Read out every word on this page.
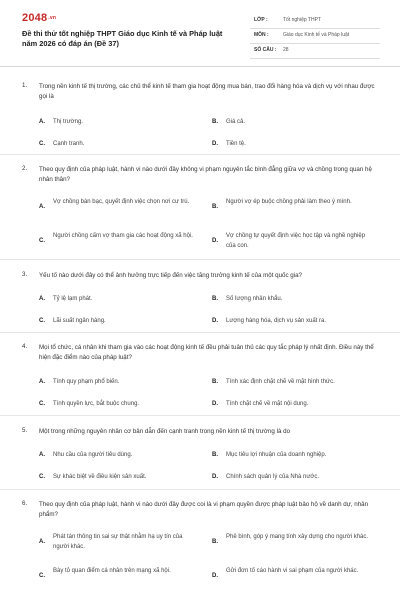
2048.vn
Đề thi thử tốt nghiệp THPT Giáo dục Kinh tế và Pháp luật năm 2026 có đáp án (Đề 37)
LỚP :	Tốt nghiệp THPT
MÔN :	Giáo dục Kinh tế và Pháp luật
SỐ CÂU : 28
1. Trong nền kinh tế thị trường, các chủ thể kinh tế tham gia hoạt động mua bán, trao đổi hàng hóa và dịch vụ với nhau được gọi là
A. Thị trường.	B. Giá cả.
C. Cạnh tranh.	D. Tiền tệ.
2. Theo quy định của pháp luật, hành vi nào dưới đây không vi phạm nguyên tắc bình đẳng giữa vợ và chồng trong quan hệ nhân thân?
A.
Vợ chồng bàn bạc, quyết định việc chọn nơi cư trú.
B.
Người vợ ép buộc chồng phải làm theo ý mình.
C.
Người chồng cấm vợ tham gia các hoạt động xã hội.
D.
Vợ chồng tự quyết định việc học tập và nghề nghiệp của con.
3. Yếu tố nào dưới đây có thể ảnh hưởng trực tiếp đến việc tăng trưởng kinh tế của một quốc gia?
A. Tỷ lệ lạm phát.	B. Số lượng nhân khẩu.
C. Lãi suất ngân hàng.	D. Lượng hàng hóa, dịch vụ sản xuất ra.
4. Mọi tổ chức, cá nhân khi tham gia vào các hoạt động kinh tế đều phải tuân thủ các quy tắc pháp lý nhất định. Điều này thể hiện đặc điểm nào của pháp luật?
A. Tính quy phạm phổ biến.	B. Tính xác định chặt chẽ về mặt hình thức.
C. Tính quyền lực, bắt buộc chung.	D. Tính chặt chẽ về mặt nội dung.
5. Một trong những nguyên nhân cơ bản dẫn đến cạnh tranh trong nền kinh tế thị trường là do
A. Nhu cầu của người tiêu dùng.	B. Mục tiêu lợi nhuận của doanh nghiệp.
C. Sự khác biệt về điều kiện sản xuất.	D. Chính sách quản lý của Nhà nước.
6. Theo quy định của pháp luật, hành vi nào dưới đây được coi là vi phạm quyền được pháp luật bảo hộ về danh dự, nhân phẩm?
A.
Phát tán thông tin sai sự thật nhằm hạ uy tín của người khác.
B.
Phê bình, góp ý mang tính xây dựng cho người khác.
C.
Bày tỏ quan điểm cá nhân trên mạng xã hội.
D.
Gửi đơn tố cáo hành vi sai phạm của người khác.
